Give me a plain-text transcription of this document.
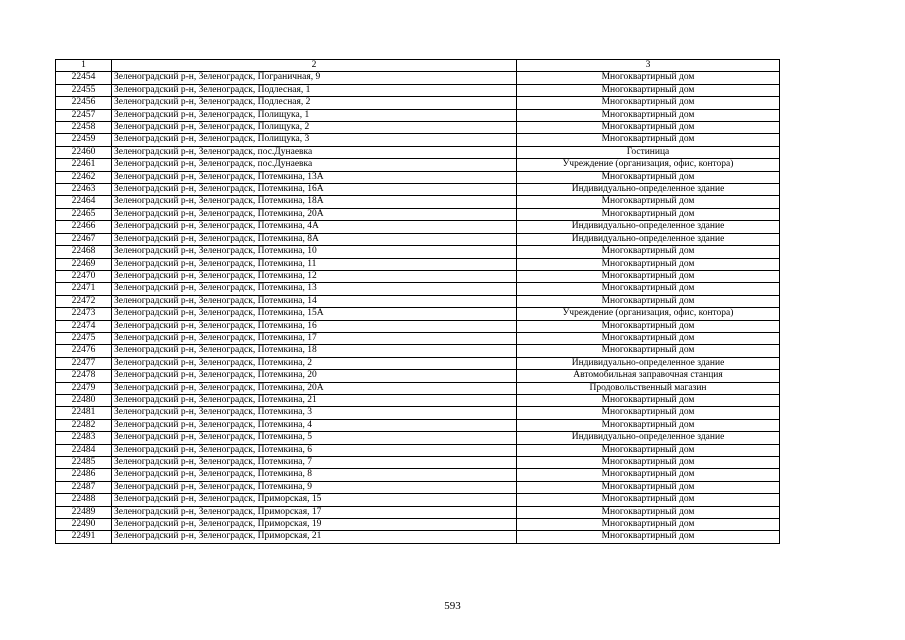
1	2	3
22454	Зеленоградский р-н, Зеленоградск, Пограничная, 9	Многоквартирный дом
22455	Зеленоградский р-н, Зеленоградск, Подлесная, 1	Многоквартирный дом
22456	Зеленоградский р-н, Зеленоградск, Подлесная, 2	Многоквартирный дом
22457	Зеленоградский р-н, Зеленоградск, Полищука, 1	Многоквартирный дом
22458	Зеленоградский р-н, Зеленоградск, Полищука, 2	Многоквартирный дом
22459	Зеленоградский р-н, Зеленоградск, Полищука, 3	Многоквартирный дом
22460	Зеленоградский р-н, Зеленоградск, пос.Дунаевка	Гостиница
22461	Зеленоградский р-н, Зеленоградск, пос.Дунаевка	Учреждение (организация, офис, контора)
22462	Зеленоградский р-н, Зеленоградск, Потемкина, 13А	Многоквартирный дом
22463	Зеленоградский р-н, Зеленоградск, Потемкина, 16А	Индивидуально-определенное здание
22464	Зеленоградский р-н, Зеленоградск, Потемкина, 18А	Многоквартирный дом
22465	Зеленоградский р-н, Зеленоградск, Потемкина, 20А	Многоквартирный дом
22466	Зеленоградский р-н, Зеленоградск, Потемкина, 4А	Индивидуально-определенное здание
22467	Зеленоградский р-н, Зеленоградск, Потемкина, 8А	Индивидуально-определенное здание
22468	Зеленоградский р-н, Зеленоградск, Потемкина, 10	Многоквартирный дом
22469	Зеленоградский р-н, Зеленоградск, Потемкина, 11	Многоквартирный дом
22470	Зеленоградский р-н, Зеленоградск, Потемкина, 12	Многоквартирный дом
22471	Зеленоградский р-н, Зеленоградск, Потемкина, 13	Многоквартирный дом
22472	Зеленоградский р-н, Зеленоградск, Потемкина, 14	Многоквартирный дом
22473	Зеленоградский р-н, Зеленоградск, Потемкина, 15А	Учреждение (организация, офис, контора)
22474	Зеленоградский р-н, Зеленоградск, Потемкина, 16	Многоквартирный дом
22475	Зеленоградский р-н, Зеленоградск, Потемкина, 17	Многоквартирный дом
22476	Зеленоградский р-н, Зеленоградск, Потемкина, 18	Многоквартирный дом
22477	Зеленоградский р-н, Зеленоградск, Потемкина, 2	Индивидуально-определенное здание
22478	Зеленоградский р-н, Зеленоградск, Потемкина, 20	Автомобильная заправочная станция
22479	Зеленоградский р-н, Зеленоградск, Потемкина, 20А	Продовольственный магазин
22480	Зеленоградский р-н, Зеленоградск, Потемкина, 21	Многоквартирный дом
22481	Зеленоградский р-н, Зеленоградск, Потемкина, 3	Многоквартирный дом
22482	Зеленоградский р-н, Зеленоградск, Потемкина, 4	Многоквартирный дом
22483	Зеленоградский р-н, Зеленоградск, Потемкина, 5	Индивидуально-определенное здание
22484	Зеленоградский р-н, Зеленоградск, Потемкина, 6	Многоквартирный дом
22485	Зеленоградский р-н, Зеленоградск, Потемкина, 7	Многоквартирный дом
22486	Зеленоградский р-н, Зеленоградск, Потемкина, 8	Многоквартирный дом
22487	Зеленоградский р-н, Зеленоградск, Потемкина, 9	Многоквартирный дом
22488	Зеленоградский р-н, Зеленоградск, Приморская, 15	Многоквартирный дом
22489	Зеленоградский р-н, Зеленоградск, Приморская, 17	Многоквартирный дом
22490	Зеленоградский р-н, Зеленоградск, Приморская, 19	Многоквартирный дом
22491	Зеленоградский р-н, Зеленоградск, Приморская, 21	Многоквартирный дом
593
